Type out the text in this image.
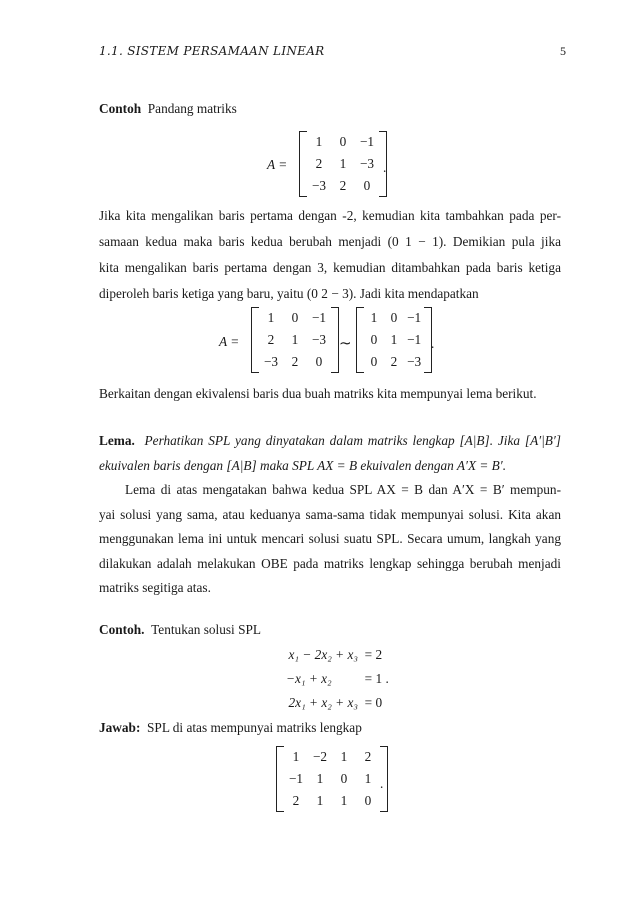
1.1. SISTEM PERSAMAAN LINEAR	5
Contoh Pandang matriks
A =
1	0	−1
2	1	−3
−3	2	0
.
Jika kita mengalikan baris pertama dengan -2, kemudian kita tambahkan pada per-
samaan kedua maka baris kedua berubah menjadi (0 1 − 1). Demikian pula jika
kita mengalikan baris pertama dengan 3, kemudian ditambahkan pada baris ketiga
diperoleh baris ketiga yang baru, yaitu (0 2 − 3). Jadi kita mendapatkan
A =
1	0	−1
2	1	−3
−3	2	0
∼
1	0	−1
0	1	−1
0	2	−3
.
Berkaitan dengan ekivalensi baris dua buah matriks kita mempunyai lema berikut.
Lema. Perhatikan SPL yang dinyatakan dalam matriks lengkap [A|B]. Jika [A′|B′]
ekuivalen baris dengan [A|B] maka SPL AX = B ekuivalen dengan A′X = B′.
Lema di atas mengatakan bahwa kedua SPL AX = B dan A′X = B′ mempun-
yai solusi yang sama, atau keduanya sama-sama tidak mempunyai solusi. Kita akan
menggunakan lema ini untuk mencari solusi suatu SPL. Secara umum, langkah yang
dilakukan adalah melakukan OBE pada matriks lengkap sehingga berubah menjadi
matriks segitiga atas.
Contoh. Tentukan solusi SPL
x₁ − 2x₂ + x₃ = 2
−x₁ + x₂ = 1 .
2x₁ + x₂ + x₃ = 0
Jawab: SPL di atas mempunyai matriks lengkap
1	−2	1	2
−1	1	0	1
2	1	1	0
.
